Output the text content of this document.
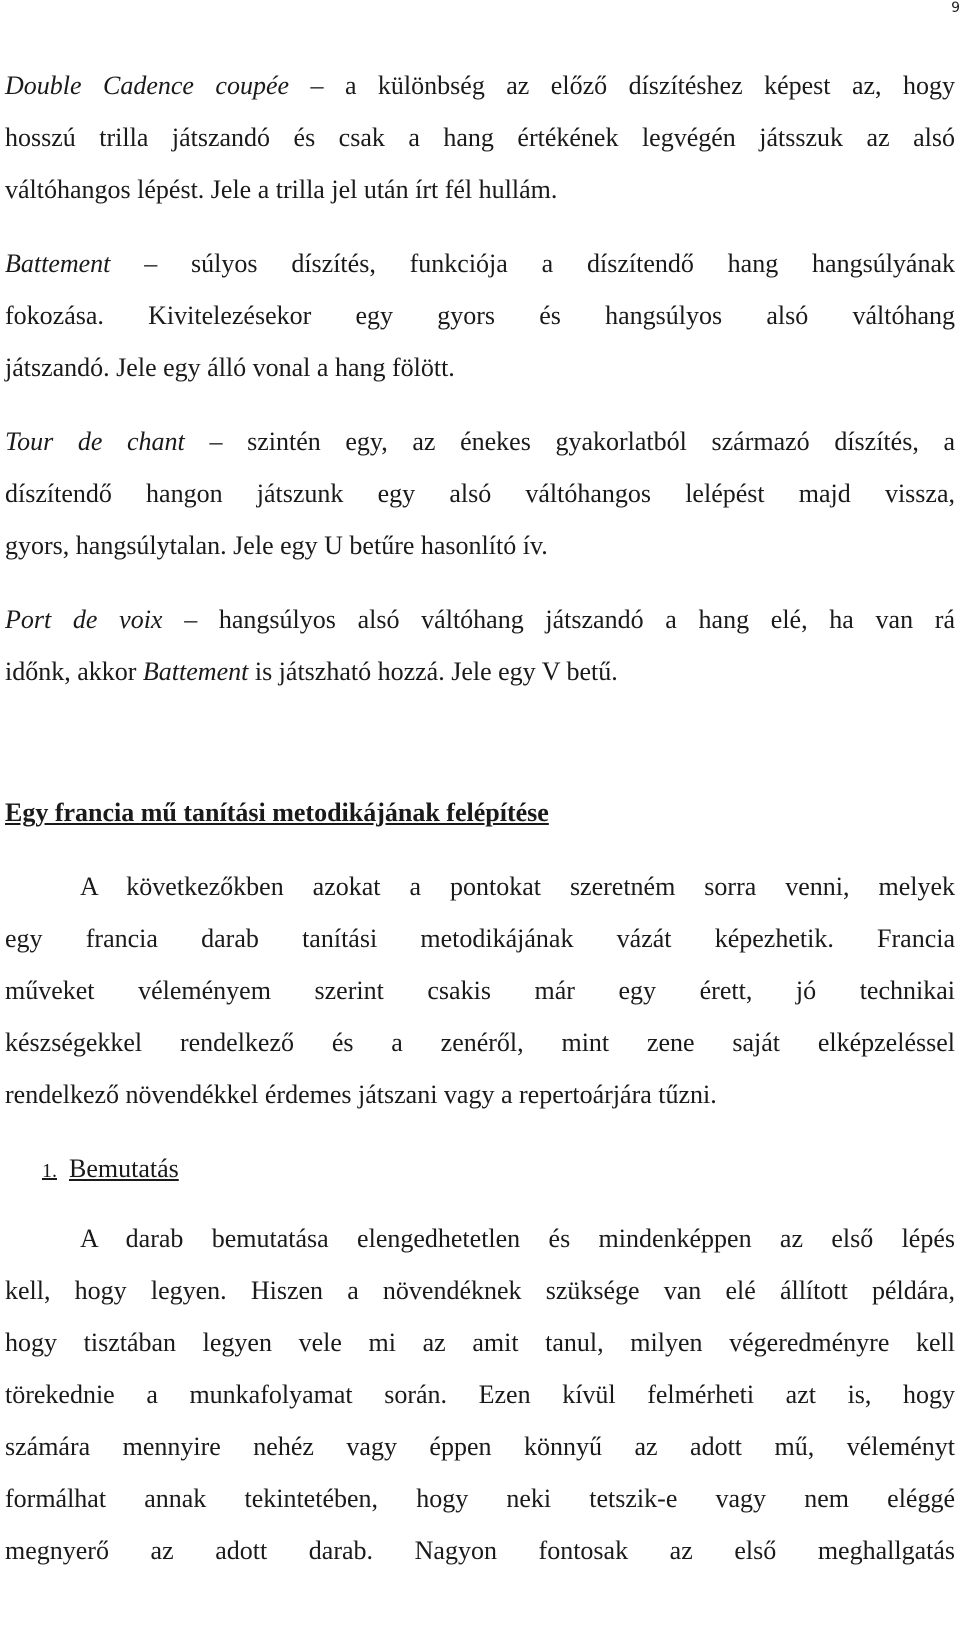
9
Double Cadence coupée – a különbség az előző díszítéshez képest az, hogy
hosszú trilla játszandó és csak a hang értékének legvégén játsszuk az alsó
váltóhangos lépést. Jele a trilla jel után írt fél hullám.
Battement – súlyos díszítés, funkciója a díszítendő hang hangsúlyának
fokozása. Kivitelezésekor egy gyors és hangsúlyos alsó váltóhang
játszandó. Jele egy álló vonal a hang fölött.
Tour de chant – szintén egy, az énekes gyakorlatból származó díszítés, a
díszítendő hangon játszunk egy alsó váltóhangos lelépést majd vissza,
gyors, hangsúlytalan. Jele egy U betűre hasonlító ív.
Port de voix – hangsúlyos alsó váltóhang játszandó a hang elé, ha van rá
időnk, akkor Battement is játszható hozzá. Jele egy V betű.
Egy francia mű tanítási metodikájának felépítése
A következőkben azokat a pontokat szeretném sorra venni, melyek
egy francia darab tanítási metodikájának vázát képezhetik. Francia
műveket véleményem szerint csakis már egy érett, jó technikai
készségekkel rendelkező és a zenéről, mint zene saját elképzeléssel
rendelkező növendékkel érdemes játszani vagy a repertoárjára tűzni.
1. Bemutatás
A darab bemutatása elengedhetetlen és mindenképpen az első lépés
kell, hogy legyen. Hiszen a növendéknek szüksége van elé állított példára,
hogy tisztában legyen vele mi az amit tanul, milyen végeredményre kell
törekednie a munkafolyamat során. Ezen kívül felmérheti azt is, hogy
számára mennyire nehéz vagy éppen könnyű az adott mű, véleményt
formálhat annak tekintetében, hogy neki tetszik-e vagy nem eléggé
megnyerő az adott darab. Nagyon fontosak az első meghallgatás
